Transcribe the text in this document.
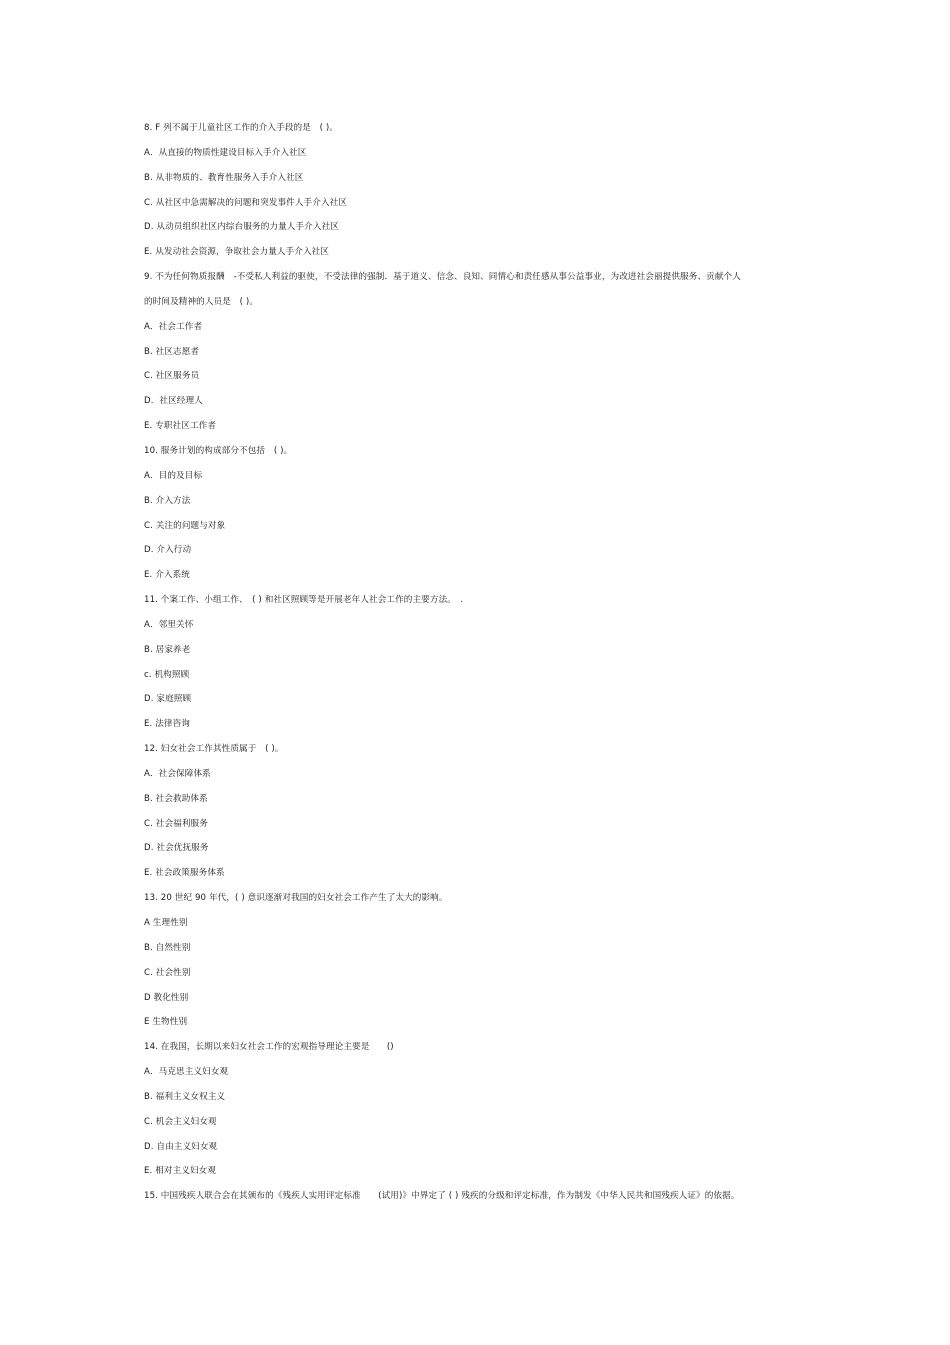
8. F 列不属于儿童社区工作的介入手段的是　( )。
A．从直接的物质性建设目标入手介入社区
B. 从非物质的、教育性服务入手介入社区
C. 从社区中急需解决的问题和突发事件人手介入社区
D. 从动员组织社区内综台服务的力量人手介入社区
E. 从发动社会资源，争取社会力量人手介入社区
9. 不为任何物质报酬　-不受私人利益的驱使，不受法律的强制．基于道义、信念、良知、同情心和责任感从事公益事业，为改进社会丽提供服务、贡献个人
的时间及精神的人员是　( )。
A．社会工作者
B. 社区志愿者
C. 社区服务员
D．社区经理人
E. 专职社区工作者
10. 服务计划的构成部分不包括　( )。
A．目的及目标
B. 介入方法
C. 关注的问题与对象
D. 介入行动
E. 介入系统
11. 个案工作、小组工作、　( ) 和社区照顾等是开展老年人社会工作的主要方法。　.
A．邻里关怀
B. 居家养老
c. 机构照顾
D. 家庭照顾
E. 法律咨询
12. 妇女社会工作其性质属于　( )。
A．社会保障体系
B. 社会救助体系
C. 社会福利服务
D. 社会优抚服务
E. 社会政策服务体系
13. 20 世纪 90 年代，( ) 意识逐渐对我国的妇女社会工作产生了太大的影响。
A 生理性别
B. 自然性别
C. 社会性别
D 教化性别
E 生物性别
14. 在我国，长期以来妇女社会工作的宏观指导理论主要是　　()
A．马克思主义妇女观
B. 福利主义女权主义
C. 机会主义妇女观
D. 自由主义妇女观
E. 相对主义妇女观
15. 中国残疾人联合会在其颁布的《残疾人实用评定标准　　(试用)》中界定了 ( ) 残疾的分级和评定标准，作为制发《中华人民共和国残疾人证》的依据。
